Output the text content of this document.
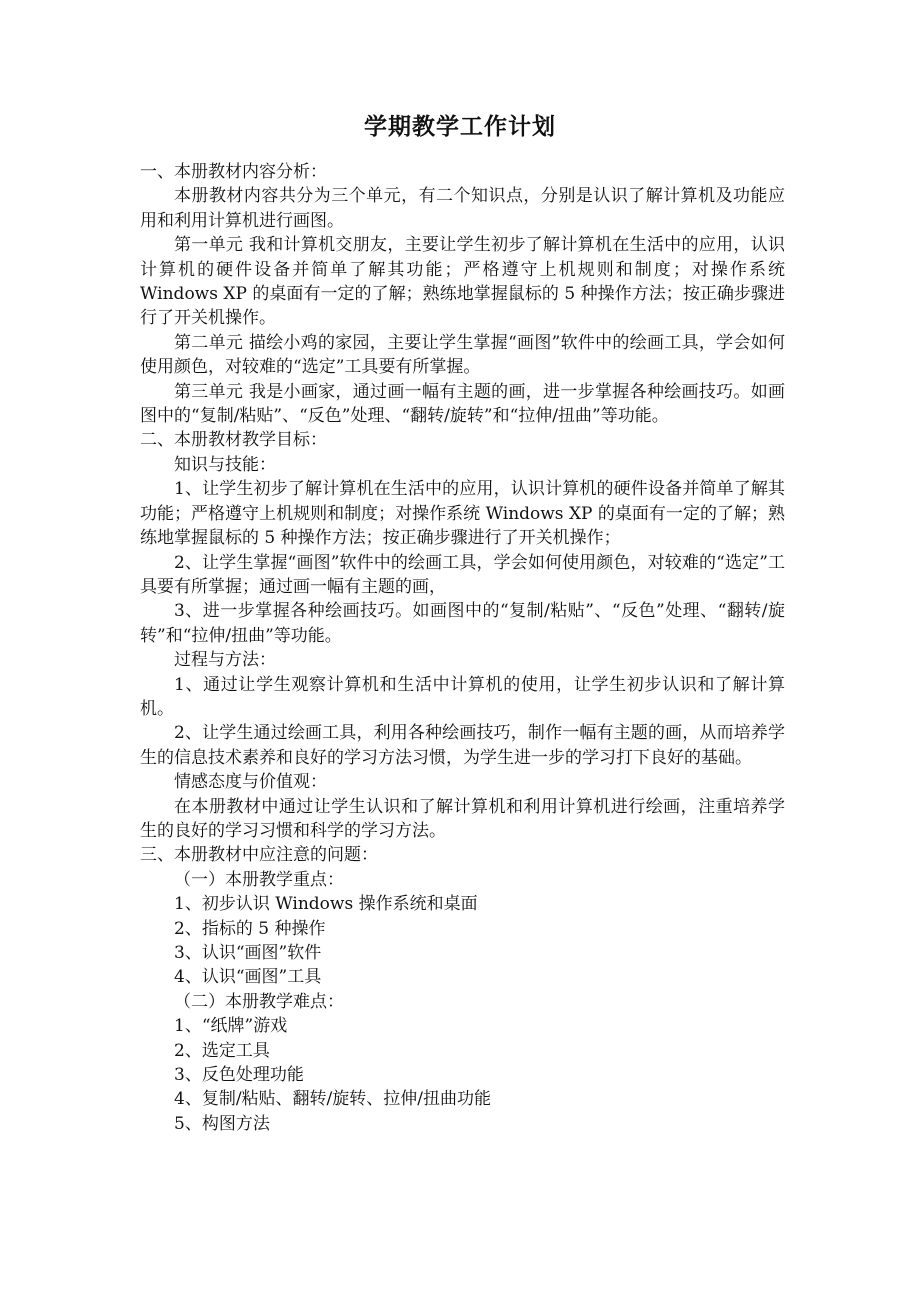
学期教学工作计划

一、本册教材内容分析：

本册教材内容共分为三个单元，有二个知识点，分别是认识了解计算机及功能应用和利用计算机进行画图。

第一单元 我和计算机交朋友，主要让学生初步了解计算机在生活中的应用，认识计算机的硬件设备并简单了解其功能；严格遵守上机规则和制度；对操作系统 Windows XP 的桌面有一定的了解；熟练地掌握鼠标的 5 种操作方法；按正确步骤进行了开关机操作。

第二单元 描绘小鸡的家园，主要让学生掌握“画图”软件中的绘画工具，学会如何使用颜色，对较难的“选定”工具要有所掌握。

第三单元 我是小画家，通过画一幅有主题的画，进一步掌握各种绘画技巧。如画图中的“复制/粘贴”、“反色”处理、“翻转/旋转”和“拉伸/扭曲”等功能。

二、本册教材教学目标：

知识与技能：

1、让学生初步了解计算机在生活中的应用，认识计算机的硬件设备并简单了解其功能；严格遵守上机规则和制度；对操作系统 Windows XP 的桌面有一定的了解；熟练地掌握鼠标的 5 种操作方法；按正确步骤进行了开关机操作；

2、让学生掌握“画图”软件中的绘画工具，学会如何使用颜色，对较难的“选定”工具要有所掌握；通过画一幅有主题的画，

3、进一步掌握各种绘画技巧。如画图中的“复制/粘贴”、“反色”处理、“翻转/旋转”和“拉伸/扭曲”等功能。

过程与方法：

1、通过让学生观察计算机和生活中计算机的使用，让学生初步认识和了解计算机。

2、让学生通过绘画工具，利用各种绘画技巧，制作一幅有主题的画，从而培养学生的信息技术素养和良好的学习方法习惯，为学生进一步的学习打下良好的基础。

情感态度与价值观：

在本册教材中通过让学生认识和了解计算机和利用计算机进行绘画，注重培养学生的良好的学习习惯和科学的学习方法。

三、本册教材中应注意的问题：

（一）本册教学重点：

1、初步认识 Windows 操作系统和桌面

2、指标的 5 种操作

3、认识“画图”软件

4、认识“画图”工具

（二）本册教学难点：

1、“纸牌”游戏

2、选定工具

3、反色处理功能

4、复制/粘贴、翻转/旋转、拉伸/扭曲功能

5、构图方法
